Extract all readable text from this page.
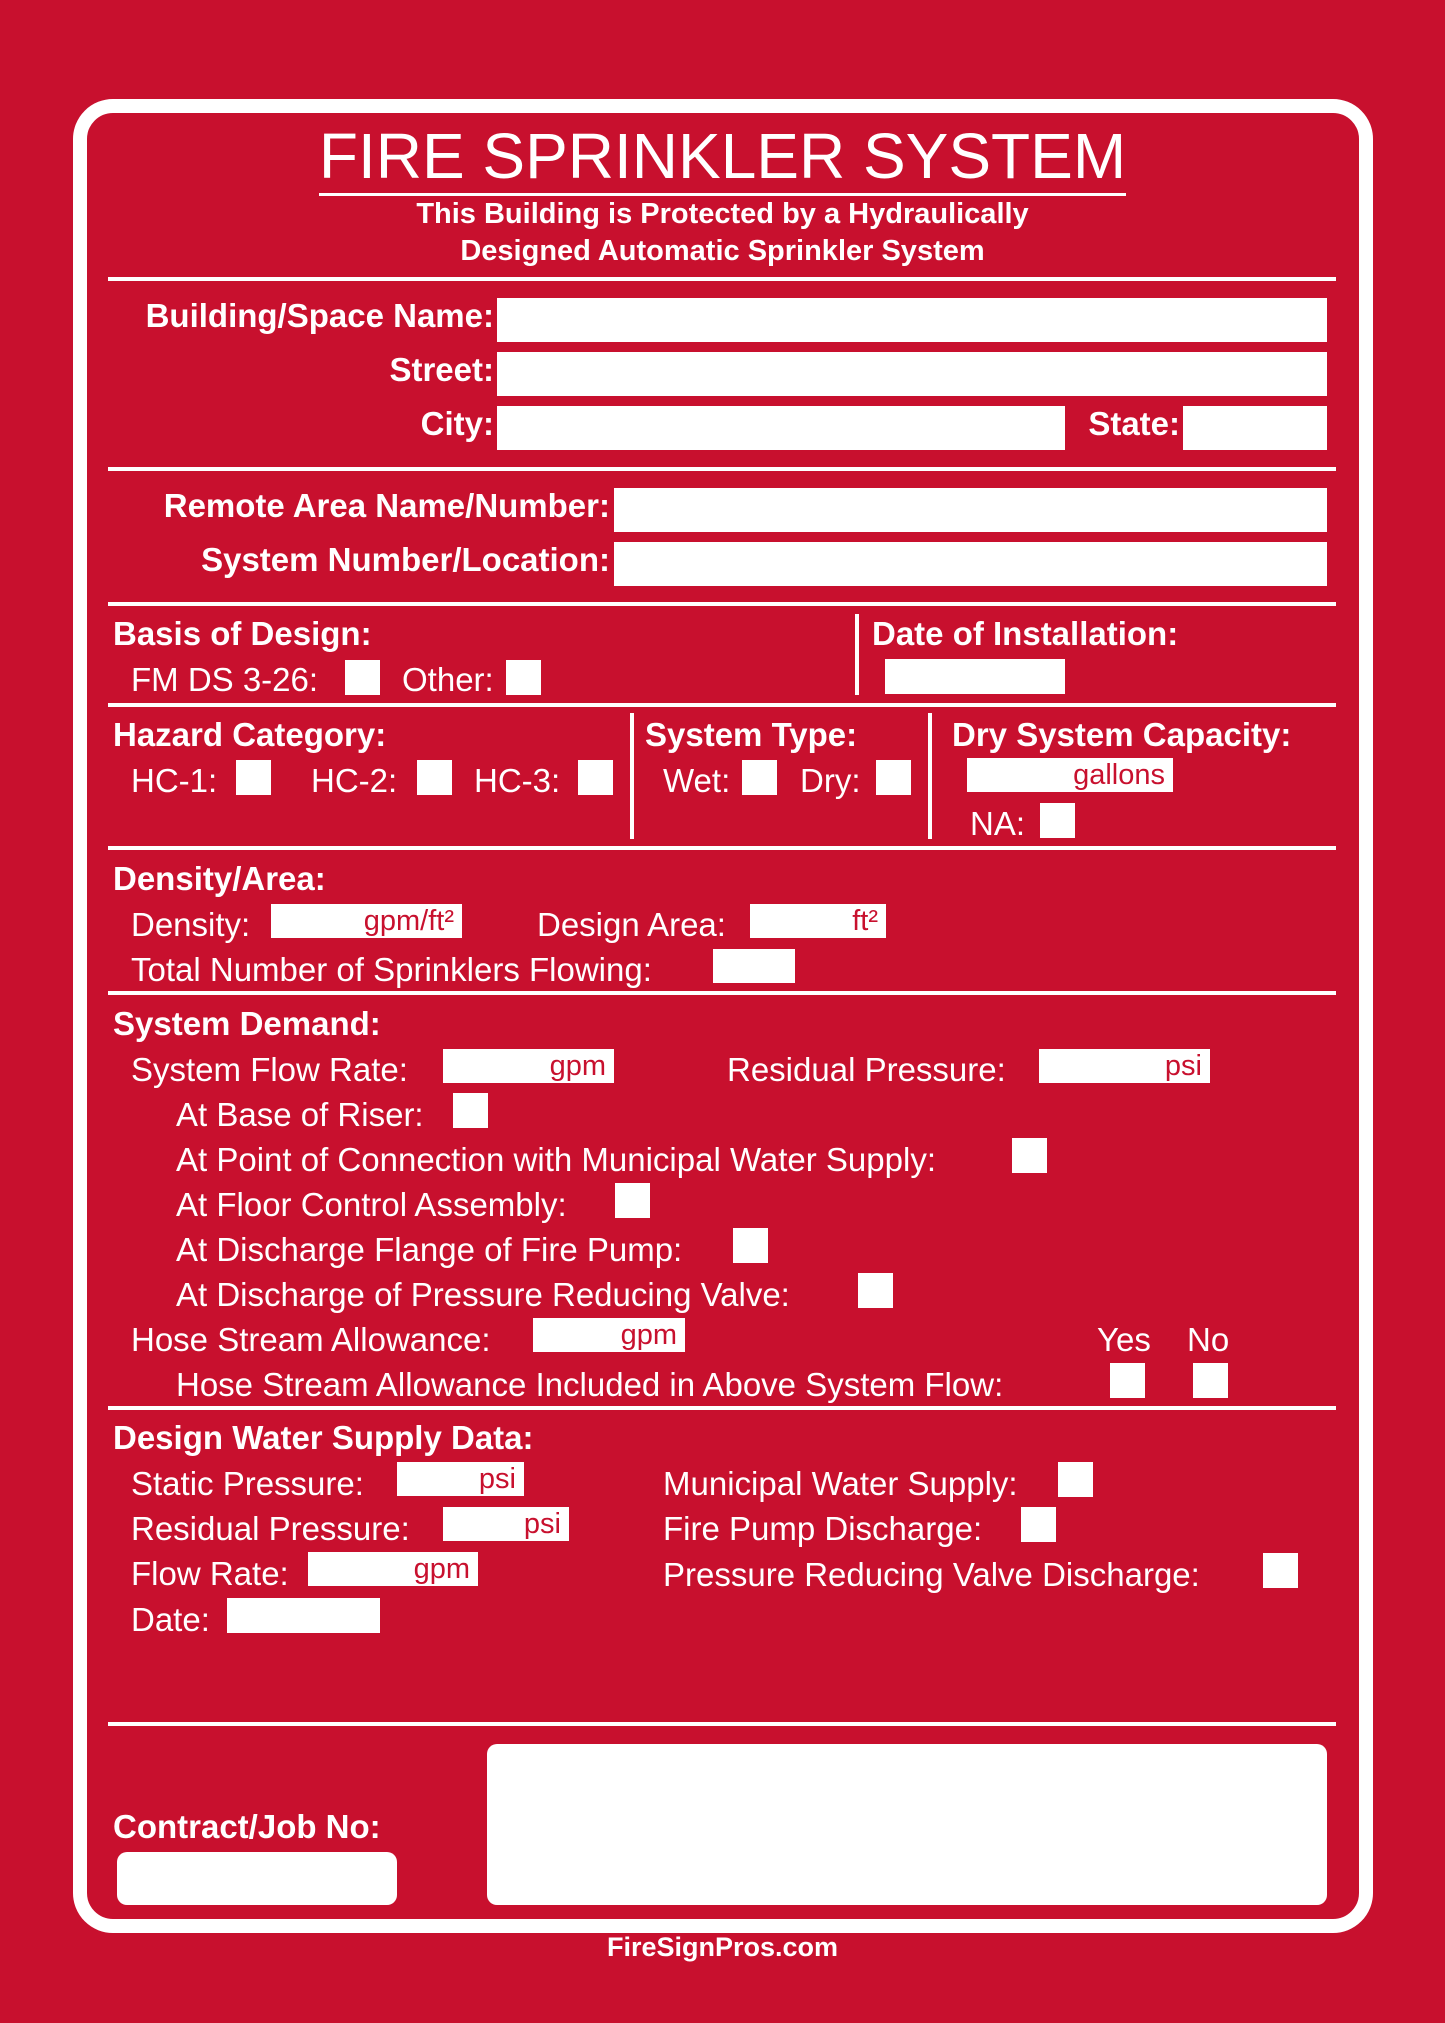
FIRE SPRINKLER SYSTEM
This Building is Protected by a Hydraulically
Designed Automatic Sprinkler System
Building/Space Name:
Street:
City:	State:
Remote Area Name/Number:
System Number/Location:
Basis of Design:
FM DS 3-26:	Other:
Date of Installation:
Hazard Category:
HC-1:	HC-2: HC-3:
System Type:
Wet: Dry:
Dry System Capacity:
gallons
NA:
Density/Area:
Density:	gpm/ft²	Design Area:	ft²
Total Number of Sprinklers Flowing:
System Demand:
System Flow Rate:	gpm	Residual Pressure:	psi
At Base of Riser:
At Point of Connection with Municipal Water Supply:
At Floor Control Assembly:
At Discharge Flange of Fire Pump:
At Discharge of Pressure Reducing Valve:
Hose Stream Allowance:	gpm	Yes No
Hose Stream Allowance Included in Above System Flow:
Design Water Supply Data:
Static Pressure:	psi
Residual Pressure:	psi
Flow Rate:	gpm
Date:
Municipal Water Supply:
Fire Pump Discharge:
Pressure Reducing Valve Discharge:
Contract/Job No:
FireSignPros.com
